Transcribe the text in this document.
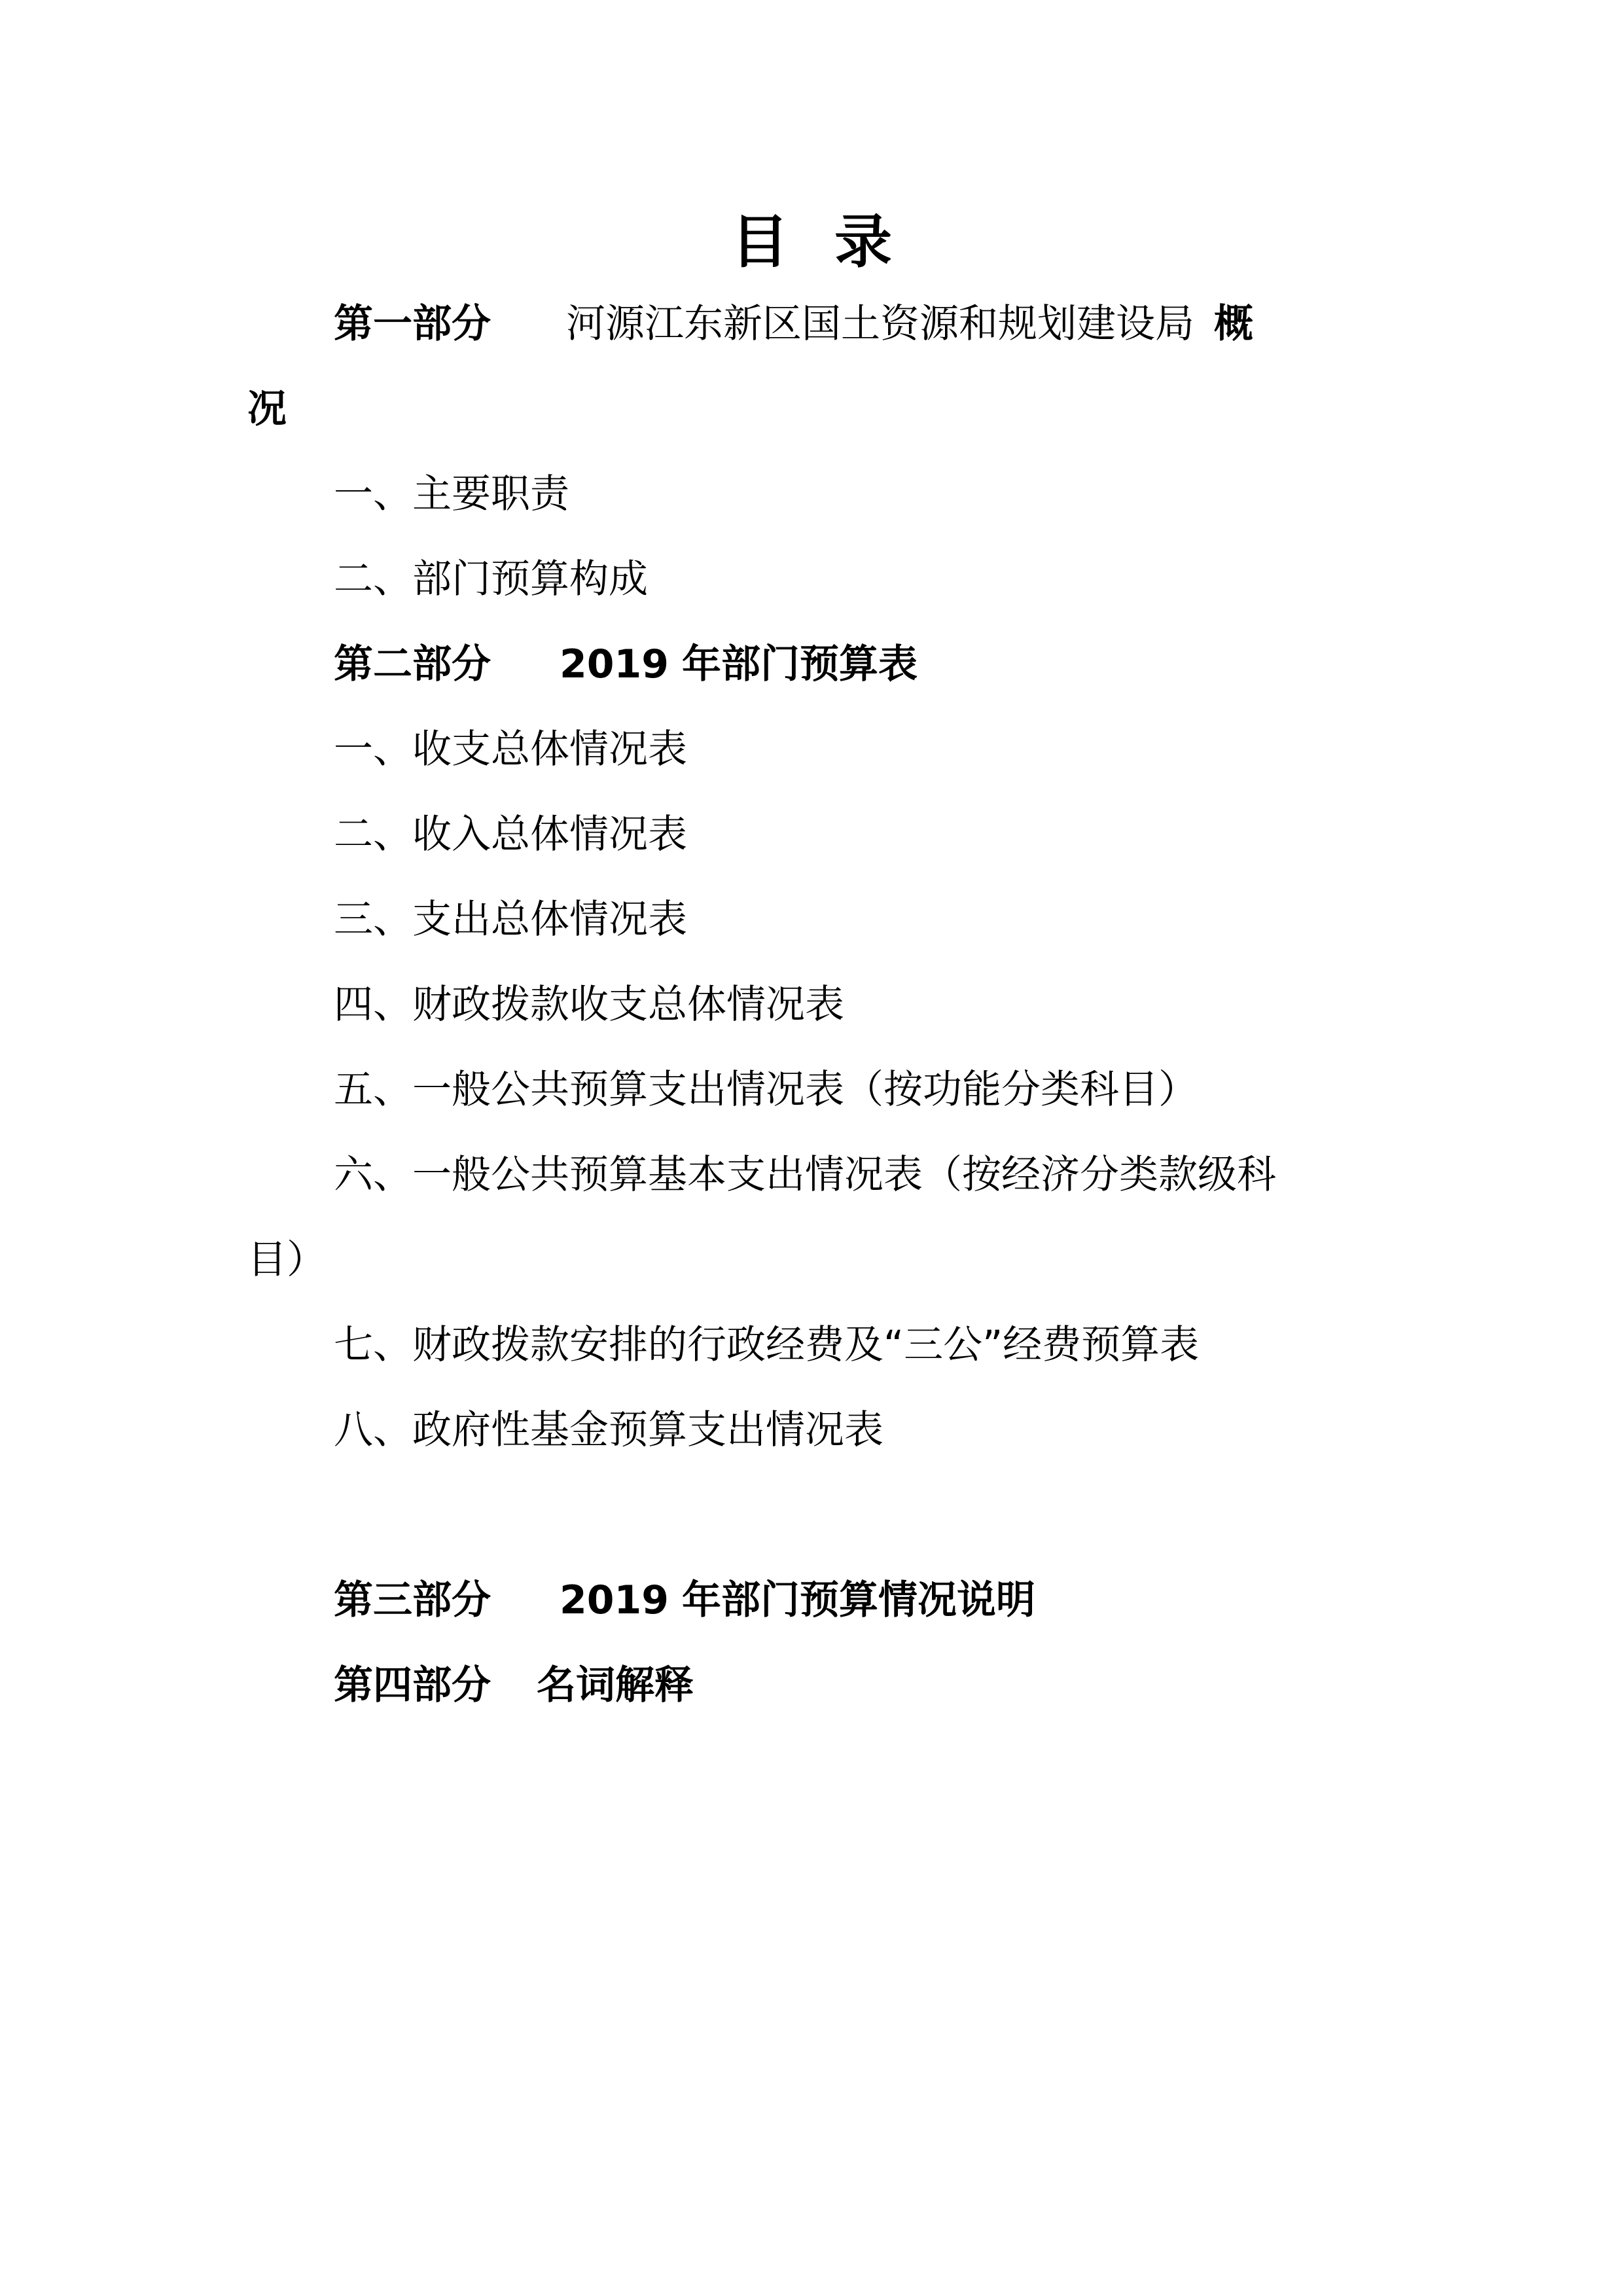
目 录
第一部分 河源江东新区国土资源和规划建设局 概
况
一、主要职责
二、部门预算构成
第二部分 2019 年部门预算表
一、收支总体情况表
二、收入总体情况表
三、支出总体情况表
四、财政拨款收支总体情况表
五、一般公共预算支出情况表（按功能分类科目）
六、一般公共预算基本支出情况表（按经济分类款级科
目）
七、财政拨款安排的行政经费及“三公”经费预算表
八、政府性基金预算支出情况表
第三部分 2019 年部门预算情况说明
第四部分 名词解释
